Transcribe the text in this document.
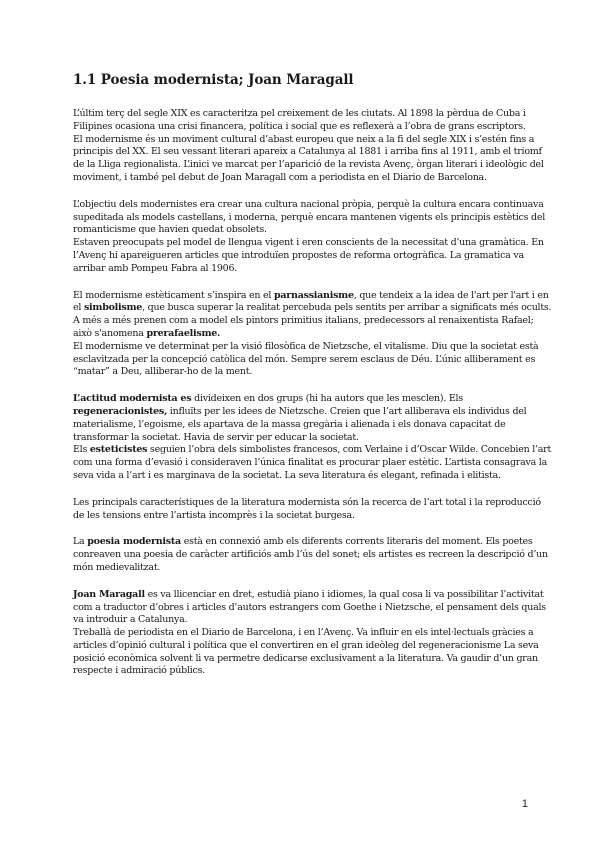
1.1 Poesia modernista; Joan Maragall

L’últim terç del segle XIX es caracteritza pel creixement de les ciutats. Al 1898 la pèrdua de Cuba i Filipines ocasiona una crisi financera, política i social que es reflexerà a l’obra de grans escriptors.

El modernisme és un moviment cultural d’abast europeu que neix a la fi del segle XIX i s’estén fins a principis del XX. El seu vessant literari apareix a Catalunya al 1881 i arriba fins al 1911, amb el triomf de la Lliga regionalista. L’inici ve marcat per l’aparició de la revista Avenç, òrgan literari i ideològic del moviment, i també pel debut de Joan Maragall com a periodista en el Diario de Barcelona.

L’objectiu dels modernistes era crear una cultura nacional pròpia, perquè la cultura encara continuava supeditada als models castellans, i moderna, perquè encara mantenen vigents els principis estètics del romanticisme que havien quedat obsolets.

Estaven preocupats pel model de llengua vigent i eren conscients de la necessitat d’una gramàtica. En l’Avenç hi apareigueren articles que introduïen propostes de reforma ortogràfica. La gramatica va arribar amb Pompeu Fabra al 1906.

El modernisme estèticament s’inspira en el parnassianisme, que tendeix a la idea de l'art per l'art i en el simbolisme, que busca superar la realitat percebuda pels sentits per arribar a significats més ocults. A més a més prenen com a model els pintors primitius italians, predecessors al renaixentista Rafael; això s'anomena prerafaelisme.

El modernisme ve determinat per la visió filosòfica de Nietzsche, el vitalisme. Diu que la societat està esclavitzada per la concepció catòlica del món. Sempre serem esclaus de Déu. L’únic alliberament es “matar” a Deu, alliberar-ho de la ment.

L’actitud modernista es divideixen en dos grups (hi ha autors que les mesclen). Els regeneracionistes, influïts per les idees de Nietzsche. Creien que l’art alliberava els individus del materialisme, l’egoisme, els apartava de la massa gregària i alienada i els donava capacitat de transformar la societat. Havia de servir per educar la societat.

Els esteticistes seguien l’obra dels simbolistes francesos, com Verlaine i d’Oscar Wilde. Concebien l’art com una forma d’evasió i consideraven l’única finalitat es procurar plaer estètic. L’artista consagrava la seva vida a l’art i es marginava de la societat. La seva literatura és elegant, refinada i elitista.

Les principals característiques de la literatura modernista són la recerca de l’art total i la reproducció de les tensions entre l’artista incomprès i la societat burgesa.

La poesia modernista està en connexió amb els diferents corrents literaris del moment. Els poetes conreaven una poesia de caràcter artificiós amb l’ús del sonet; els artistes es recreen la descripció d’un món medievalitzat.

Joan Maragall es va llicenciar en dret, estudià piano i idiomes, la qual cosa li va possibilitar l’activitat com a traductor d’obres i articles d’autors estrangers com Goethe i Nietzsche, el pensament dels quals va introduir a Catalunya.

Treballà de periodista en el Diario de Barcelona, i en l’Avenç. Va influir en els intel·lectuals gràcies a articles d’opinió cultural i política que el convertiren en el gran ideòleg del regeneracionisme La seva posició econòmica solvent li va permetre dedicarse exclusivament a la literatura. Va gaudir d’un gran respecte i admiració públics.

1
